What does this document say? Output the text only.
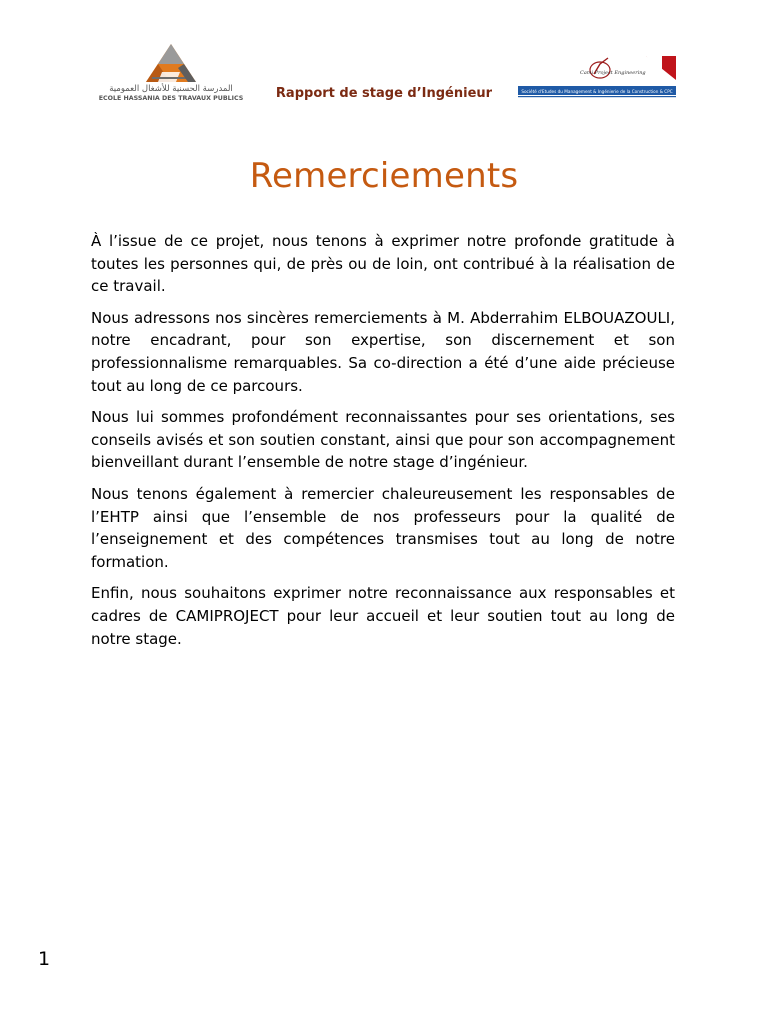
المدرسة الحسنية للأشغال العمومية
ECOLE HASSANIA DES TRAVAUX PUBLICS	Rapport de stage d’Ingénieur
Cami Project Engineering
Société d'Etudes du Management & Ingénierie de la Construction & CPC
Remerciements

À l’issue de ce projet, nous tenons à exprimer notre profonde gratitude à toutes les personnes qui, de près ou de loin, ont contribué à la réalisation de ce travail.

Nous adressons nos sincères remerciements à M. Abderrahim ELBOUAZOULI, notre encadrant, pour son expertise, son discernement et son professionnalisme remarquables. Sa co-direction a été d’une aide précieuse tout au long de ce parcours.

Nous lui sommes profondément reconnaissantes pour ses orientations, ses conseils avisés et son soutien constant, ainsi que pour son accompagnement bienveillant durant l’ensemble de notre stage d’ingénieur.

Nous tenons également à remercier chaleureusement les responsables de l’EHTP ainsi que l’ensemble de nos professeurs pour la qualité de l’enseignement et des compétences transmises tout au long de notre formation.

Enfin, nous souhaitons exprimer notre reconnaissance aux responsables et cadres de CAMIPROJECT pour leur accueil et leur soutien tout au long de notre stage.

1
